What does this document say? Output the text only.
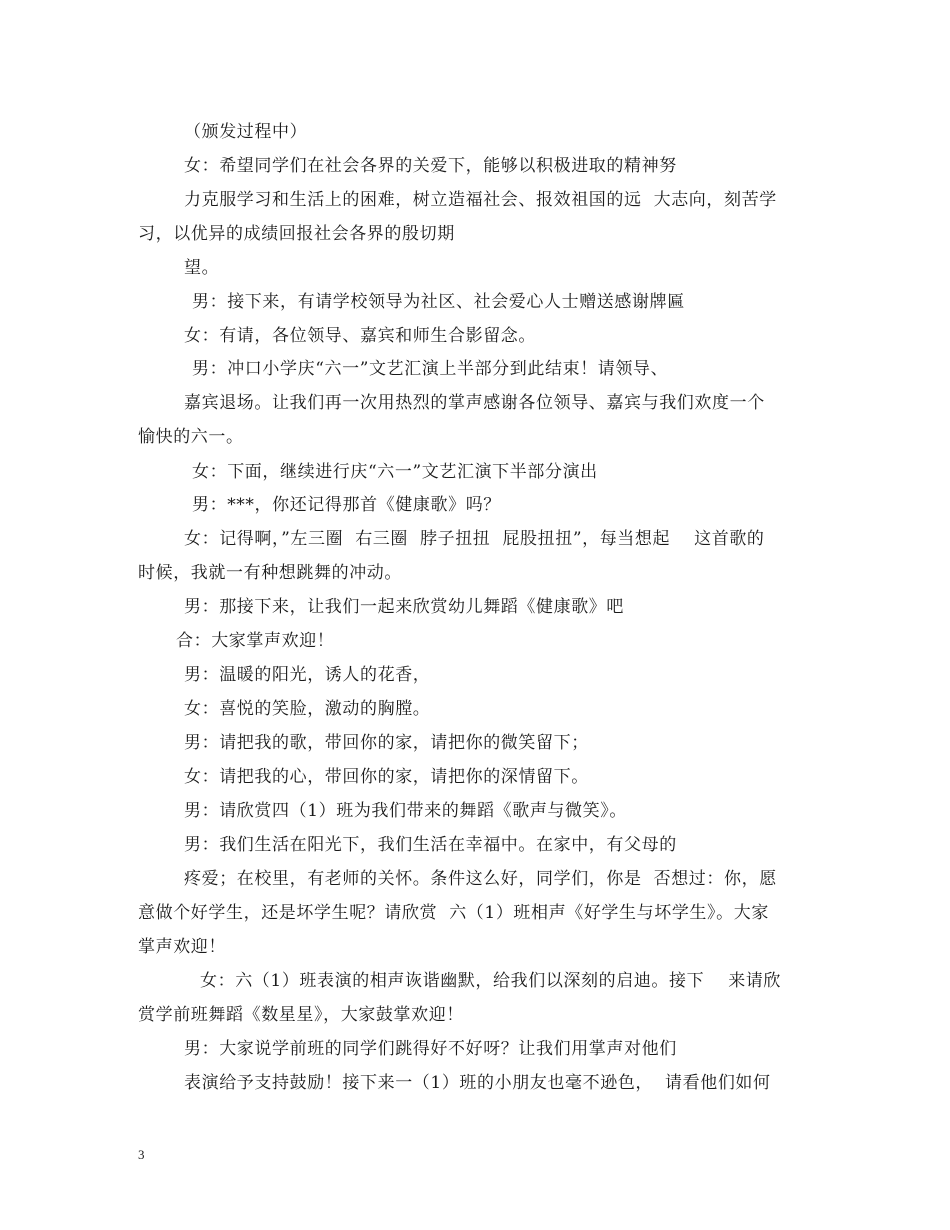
（颁发过程中）
女：希望同学们在社会各界的关爱下，能够以积极进取的精神努
力克服学习和生活上的困难，树立造福社会、报效祖国的远  大志向，刻苦学
习，以优异的成绩回报社会各界的殷切期
望。
男：接下来，有请学校领导为社区、社会爱心人士赠送感谢牌匾
女：有请，各位领导、嘉宾和师生合影留念。
男：冲口小学庆“六一”文艺汇演上半部分到此结束！请领导、
嘉宾退场。让我们再一次用热烈的掌声感谢各位领导、嘉宾与我们欢度一个
愉快的六一。
女：下面，继续进行庆“六一”文艺汇演下半部分演出
男：***，你还记得那首《健康歌》吗？
女：记得啊，”左三圈  右三圈  脖子扭扭  屁股扭扭”，每当想起    这首歌的
时候，我就一有种想跳舞的冲动。
男：那接下来，让我们一起来欣赏幼儿舞蹈《健康歌》吧
合：大家掌声欢迎！
男：温暖的阳光，诱人的花香，
女：喜悦的笑脸，激动的胸膛。
男：请把我的歌，带回你的家，请把你的微笑留下；
女：请把我的心，带回你的家，请把你的深情留下。
男：请欣赏四（1）班为我们带来的舞蹈《歌声与微笑》。
男：我们生活在阳光下，我们生活在幸福中。在家中，有父母的
疼爱；在校里，有老师的关怀。条件这么好，同学们，你是  否想过：你，愿
意做个好学生，还是坏学生呢？请欣赏  六（1）班相声《好学生与坏学生》。大家
掌声欢迎！
女：六（1）班表演的相声诙谐幽默，给我们以深刻的启迪。接下    来请欣
赏学前班舞蹈《数星星》，大家鼓掌欢迎！
男：大家说学前班的同学们跳得好不好呀？让我们用掌声对他们
表演给予支持鼓励！接下来一（1）班的小朋友也毫不逊色，  请看他们如何
3
